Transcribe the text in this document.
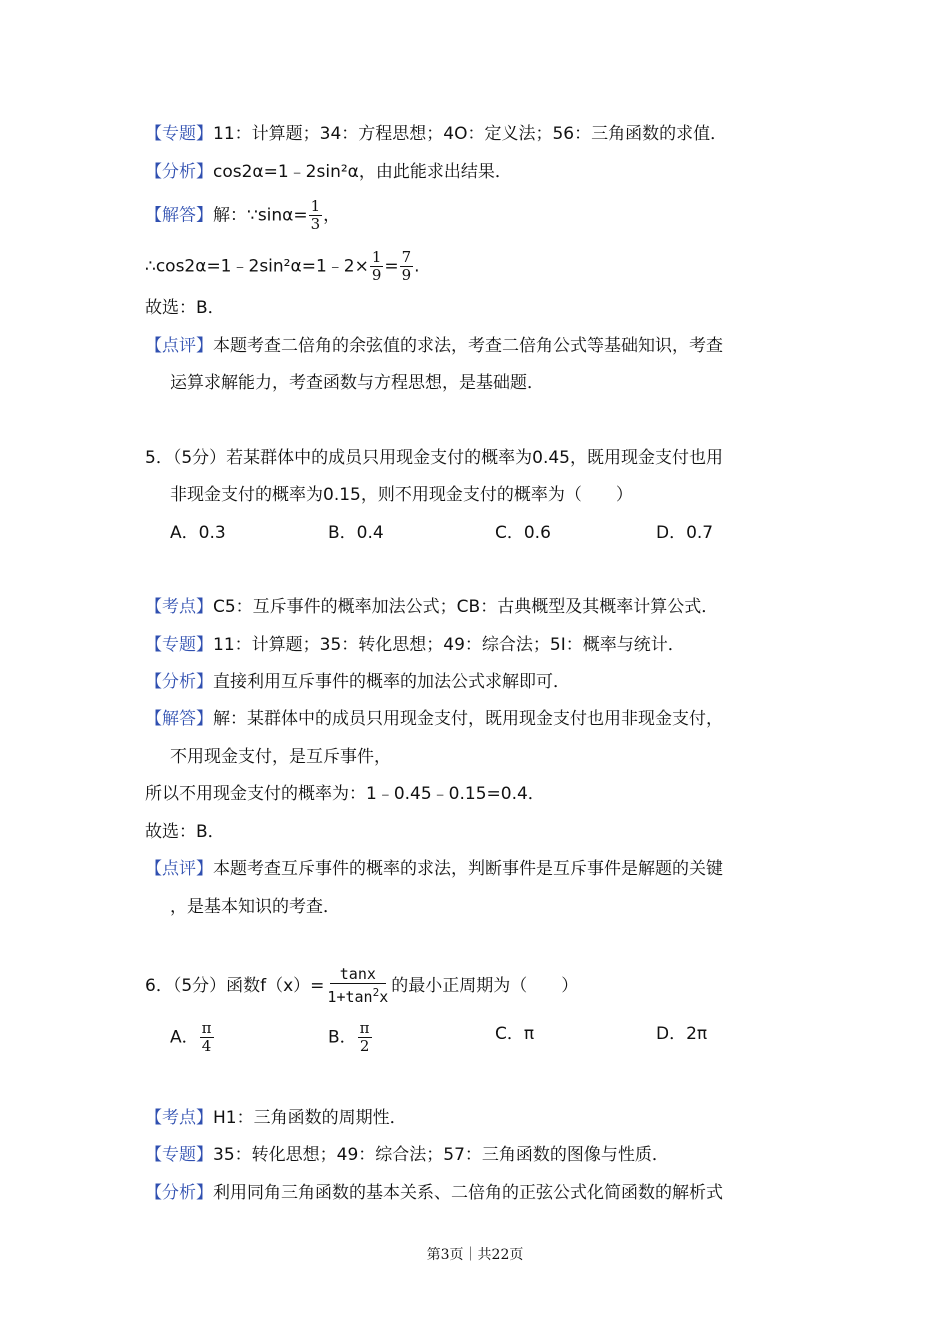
【专题】11：计算题；34：方程思想；4O：定义法；56：三角函数的求值．
【分析】cos2α=1﹣2sin²α，由此能求出结果．
【解答】解：∵sinα= $\frac{1}{3}$ ，
∴cos2α=1﹣2sin²α=1﹣2× $\frac{1}{9} = \frac{7}{9}$ .
故选：B．
【点评】本题考查二倍角的余弦值的求法，考查二倍角公式等基础知识，考查
运算求解能力，考查函数与方程思想，是基础题．
5．（5分）若某群体中的成员只用现金支付的概率为0.45，既用现金支付也用
非现金支付的概率为0.15，则不用现金支付的概率为（　　）
A．0.3	B．0.4	C．0.6	D．0.7
【考点】C5：互斥事件的概率加法公式；CB：古典概型及其概率计算公式．
【专题】11：计算题；35：转化思想；49：综合法；5I：概率与统计．
【分析】直接利用互斥事件的概率的加法公式求解即可．
【解答】解：某群体中的成员只用现金支付，既用现金支付也用非现金支付，
不用现金支付，是互斥事件，
所以不用现金支付的概率为：1﹣0.45﹣0.15=0.4．
故选：B．
【点评】本题考查互斥事件的概率的求法，判断事件是互斥事件是解题的关键
，是基本知识的考查．
6．（5分）函数$f(x)= \frac{\tan x}{1+\tan^2x}$ 的最小正周期为（　　）
A． $\frac{\pi}{4}$	B． $\frac{\pi}{2}$	C．π	D．2π
【考点】H1：三角函数的周期性．
【专题】35：转化思想；49：综合法；57：三角函数的图像与性质．
【分析】利用同角三角函数的基本关系、二倍角的正弦公式化简函数的解析式
第3页｜共22页
